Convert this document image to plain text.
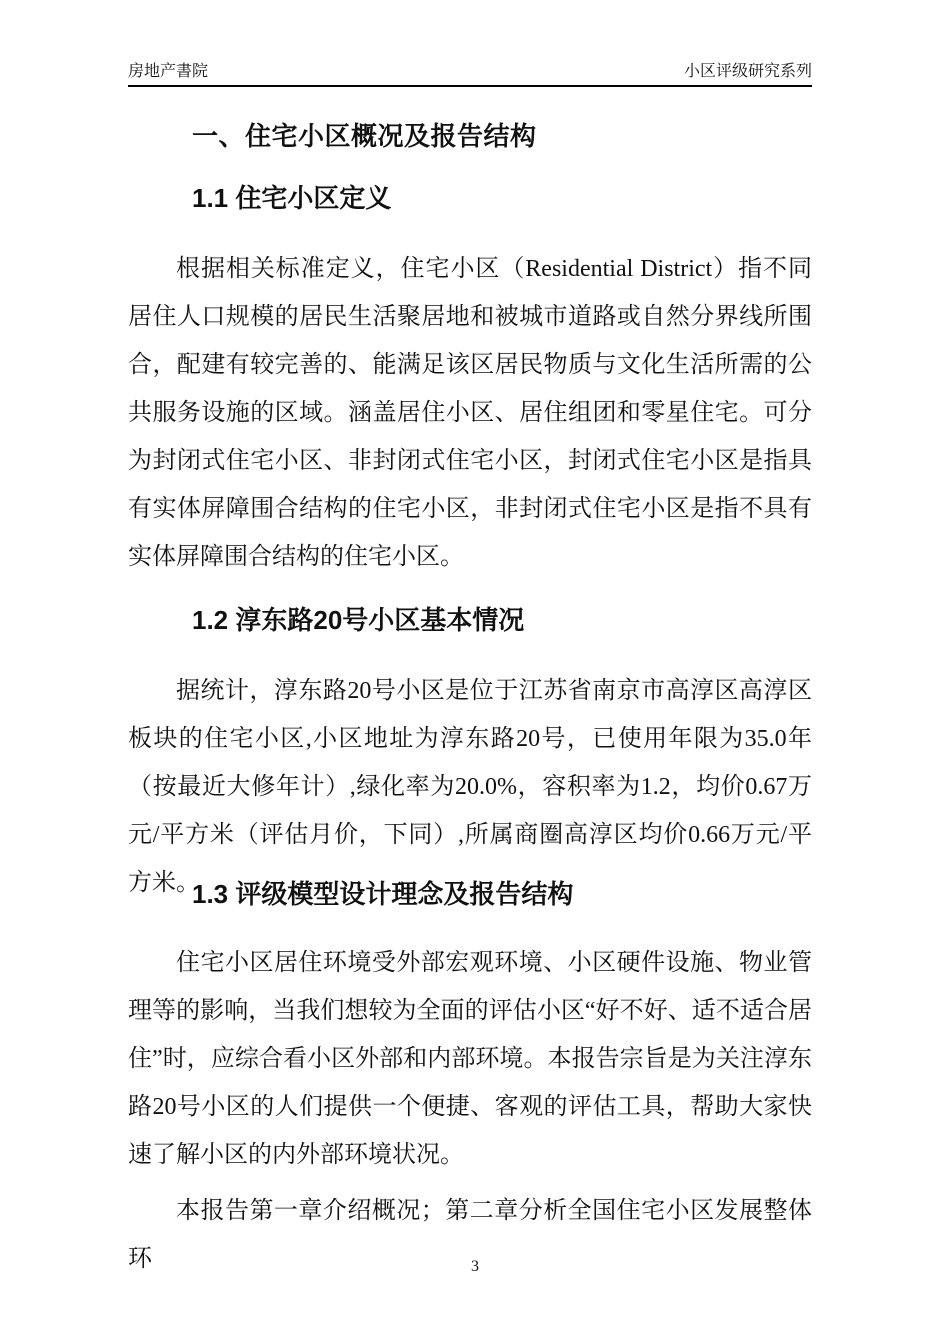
房地产書院	小区评级研究系列
一、住宅小区概况及报告结构
1.1 住宅小区定义

根据相关标准定义，住宅小区（Residential District）指不同居住人口规模的居民生活聚居地和被城市道路或自然分界线所围合，配建有较完善的、能满足该区居民物质与文化生活所需的公共服务设施的区域。涵盖居住小区、居住组团和零星住宅。可分为封闭式住宅小区、非封闭式住宅小区，封闭式住宅小区是指具有实体屏障围合结构的住宅小区，非封闭式住宅小区是指不具有实体屏障围合结构的住宅小区。

1.2 淳东路20号小区基本情况

据统计，淳东路20号小区是位于江苏省南京市高淳区高淳区板块的住宅小区,小区地址为淳东路20号，已使用年限为35.0年（按最近大修年计）,绿化率为20.0%，容积率为1.2，均价0.67万元/平方米（评估月价，下同）,所属商圈高淳区均价0.66万元/平方米。

1.3 评级模型设计理念及报告结构

住宅小区居住环境受外部宏观环境、小区硬件设施、物业管理等的影响，当我们想较为全面的评估小区“好不好、适不适合居住”时，应综合看小区外部和内部环境。本报告宗旨是为关注淳东路20号小区的人们提供一个便捷、客观的评估工具，帮助大家快速了解小区的内外部环境状况。

本报告第一章介绍概况；第二章分析全国住宅小区发展整体环	3
